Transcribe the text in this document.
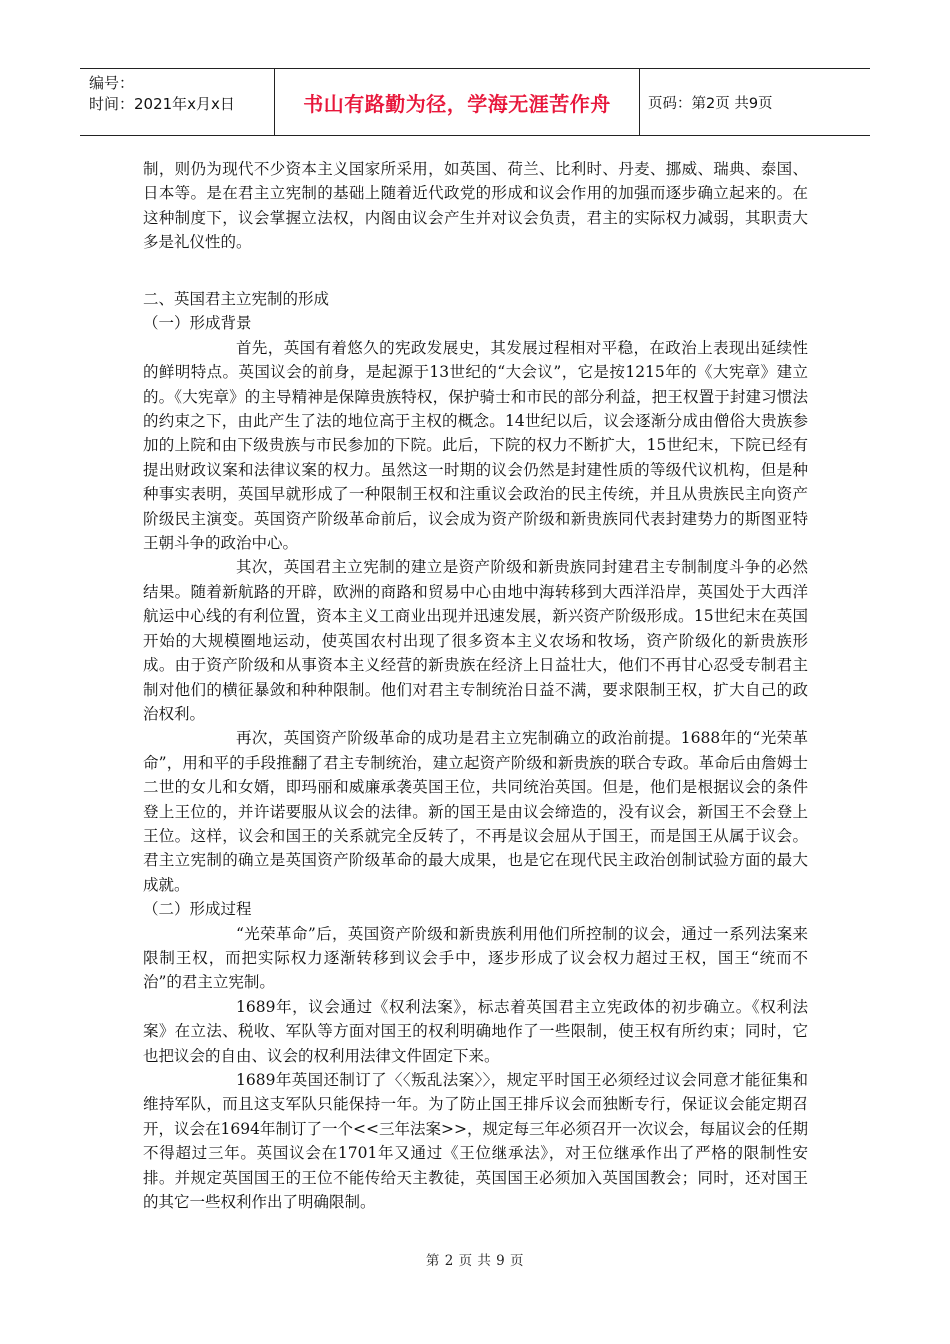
编号：
时间：2021年x月x日	书山有路勤为径，学海无涯苦作舟	页码：第2页 共9页

制，则仍为现代不少资本主义国家所采用，如英国、荷兰、比利时、丹麦、挪威、瑞典、泰国、日本等。是在君主立宪制的基础上随着近代政党的形成和议会作用的加强而逐步确立起来的。在这种制度下，议会掌握立法权，内阁由议会产生并对议会负责，君主的实际权力减弱，其职责大多是礼仪性的。

二、英国君主立宪制的形成

（一）形成背景

首先，英国有着悠久的宪政发展史，其发展过程相对平稳，在政治上表现出延续性的鲜明特点。英国议会的前身，是起源于13世纪的“大会议”，它是按1215年的《大宪章》建立的。《大宪章》的主导精神是保障贵族特权，保护骑士和市民的部分利益，把王权置于封建习惯法的约束之下，由此产生了法的地位高于主权的概念。14世纪以后，议会逐渐分成由僧俗大贵族参加的上院和由下级贵族与市民参加的下院。此后，下院的权力不断扩大，15世纪末，下院已经有提出财政议案和法律议案的权力。虽然这一时期的议会仍然是封建性质的等级代议机构，但是种种事实表明，英国早就形成了一种限制王权和注重议会政治的民主传统，并且从贵族民主向资产阶级民主演变。英国资产阶级革命前后，议会成为资产阶级和新贵族同代表封建势力的斯图亚特王朝斗争的政治中心。

其次，英国君主立宪制的建立是资产阶级和新贵族同封建君主专制制度斗争的必然结果。随着新航路的开辟，欧洲的商路和贸易中心由地中海转移到大西洋沿岸，英国处于大西洋航运中心线的有利位置，资本主义工商业出现并迅速发展，新兴资产阶级形成。15世纪末在英国开始的大规模圈地运动，使英国农村出现了很多资本主义农场和牧场，资产阶级化的新贵族形成。由于资产阶级和从事资本主义经营的新贵族在经济上日益壮大，他们不再甘心忍受专制君主制对他们的横征暴敛和种种限制。他们对君主专制统治日益不满，要求限制王权，扩大自己的政治权利。

再次，英国资产阶级革命的成功是君主立宪制确立的政治前提。1688年的“光荣革命”，用和平的手段推翻了君主专制统治，建立起资产阶级和新贵族的联合专政。革命后由詹姆士二世的女儿和女婿，即玛丽和威廉承袭英国王位，共同统治英国。但是，他们是根据议会的条件登上王位的，并许诺要服从议会的法律。新的国王是由议会缔造的，没有议会，新国王不会登上王位。这样，议会和国王的关系就完全反转了，不再是议会屈从于国王，而是国王从属于议会。君主立宪制的确立是英国资产阶级革命的最大成果，也是它在现代民主政治创制试验方面的最大成就。

（二）形成过程

“光荣革命”后，英国资产阶级和新贵族利用他们所控制的议会，通过一系列法案来限制王权，而把实际权力逐渐转移到议会手中，逐步形成了议会权力超过王权，国王“统而不治”的君主立宪制。

1689年，议会通过《权利法案》，标志着英国君主立宪政体的初步确立。《权利法案》在立法、税收、军队等方面对国王的权利明确地作了一些限制，使王权有所约束；同时，它也把议会的自由、议会的权利用法律文件固定下来。

1689年英国还制订了〈〈叛乱法案〉〉，规定平时国王必须经过议会同意才能征集和维持军队，而且这支军队只能保持一年。为了防止国王排斥议会而独断专行，保证议会能定期召开，议会在1694年制订了一个<<三年法案>>，规定每三年必须召开一次议会，每届议会的任期不得超过三年。英国议会在1701年又通过《王位继承法》，对王位继承作出了严格的限制性安排。并规定英国国王的王位不能传给天主教徒，英国国王必须加入英国国教会；同时，还对国王的其它一些权利作出了明确限制。

第 2 页 共 9 页
